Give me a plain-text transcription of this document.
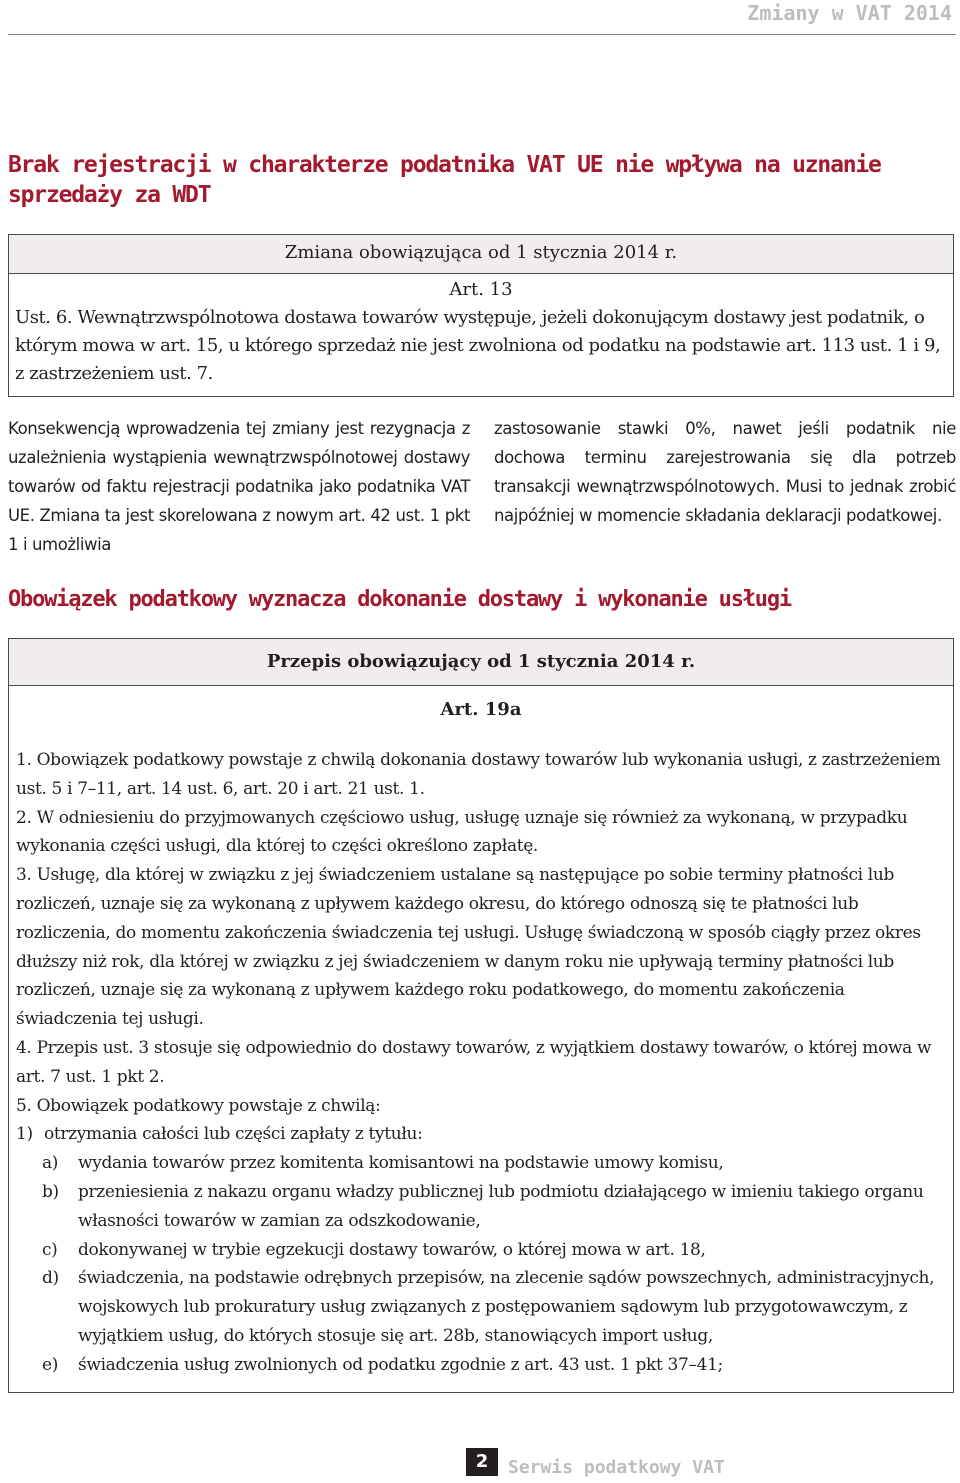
Zmiany w VAT 2014
Brak rejestracji w charakterze podatnika VAT UE nie wpływa na uznanie sprzedaży za WDT
Zmiana obowiązująca od 1 stycznia 2014 r.
Art. 13
Ust. 6. Wewnątrzwspólnotowa dostawa towarów występuje, jeżeli dokonującym dostawy jest podatnik, o którym mowa w art. 15, u którego sprzedaż nie jest zwolniona od podatku na podstawie art. 113 ust. 1 i 9, z zastrzeżeniem ust. 7.
Konsekwencją wprowadzenia tej zmiany jest rezygnacja z uzależnienia wystąpienia wewnątrzwspólnotowej dostawy towarów od faktu rejestracji podatnika jako podatnika VAT UE. Zmiana ta jest skorelowana z nowym art. 42 ust. 1 pkt 1 i umożliwia
zastosowanie stawki 0%, nawet jeśli podatnik nie dochowa terminu zarejestrowania się dla potrzeb transakcji wewnątrzwspólnotowych. Musi to jednak zrobić najpóźniej w momencie składania deklaracji podatkowej.
Obowiązek podatkowy wyznacza dokonanie dostawy i wykonanie usługi
Przepis obowiązujący od 1 stycznia 2014 r.
Art. 19a

1. Obowiązek podatkowy powstaje z chwilą dokonania dostawy towarów lub wykonania usługi, z zastrzeżeniem ust. 5 i 7–11, art. 14 ust. 6, art. 20 i art. 21 ust. 1.

2. W odniesieniu do przyjmowanych częściowo usług, usługę uznaje się również za wykonaną, w przypadku wykonania części usługi, dla której to części określono zapłatę.

3. Usługę, dla której w związku z jej świadczeniem ustalane są następujące po sobie terminy płatności lub rozliczeń, uznaje się za wykonaną z upływem każdego okresu, do którego odnoszą się te płatności lub rozliczenia, do momentu zakończenia świadczenia tej usługi. Usługę świadczoną w sposób ciągły przez okres dłuższy niż rok, dla której w związku z jej świadczeniem w danym roku nie upływają terminy płatności lub rozliczeń, uznaje się za wykonaną z upływem każdego roku podatkowego, do momentu zakończenia świadczenia tej usługi.

4. Przepis ust. 3 stosuje się odpowiednio do dostawy towarów, z wyjątkiem dostawy towarów, o której mowa w art. 7 ust. 1 pkt 2.

5. Obowiązek podatkowy powstaje z chwilą:

1) otrzymania całości lub części zapłaty z tytułu:
a)	wydania towarów przez komitenta komisantowi na podstawie umowy komisu,
b)	przeniesienia z nakazu organu władzy publicznej lub podmiotu działającego w imieniu takiego organu własności towarów w zamian za odszkodowanie,
c)	dokonywanej w trybie egzekucji dostawy towarów, o której mowa w art. 18,
d)	świadczenia, na podstawie odrębnych przepisów, na zlecenie sądów powszechnych, administracyjnych, wojskowych lub prokuratury usług związanych z postępowaniem sądowym lub przygotowawczym, z wyjątkiem usług, do których stosuje się art. 28b, stanowiących import usług,
e)	świadczenia usług zwolnionych od podatku zgodnie z art. 43 ust. 1 pkt 37–41;
2	Serwis podatkowy VAT
